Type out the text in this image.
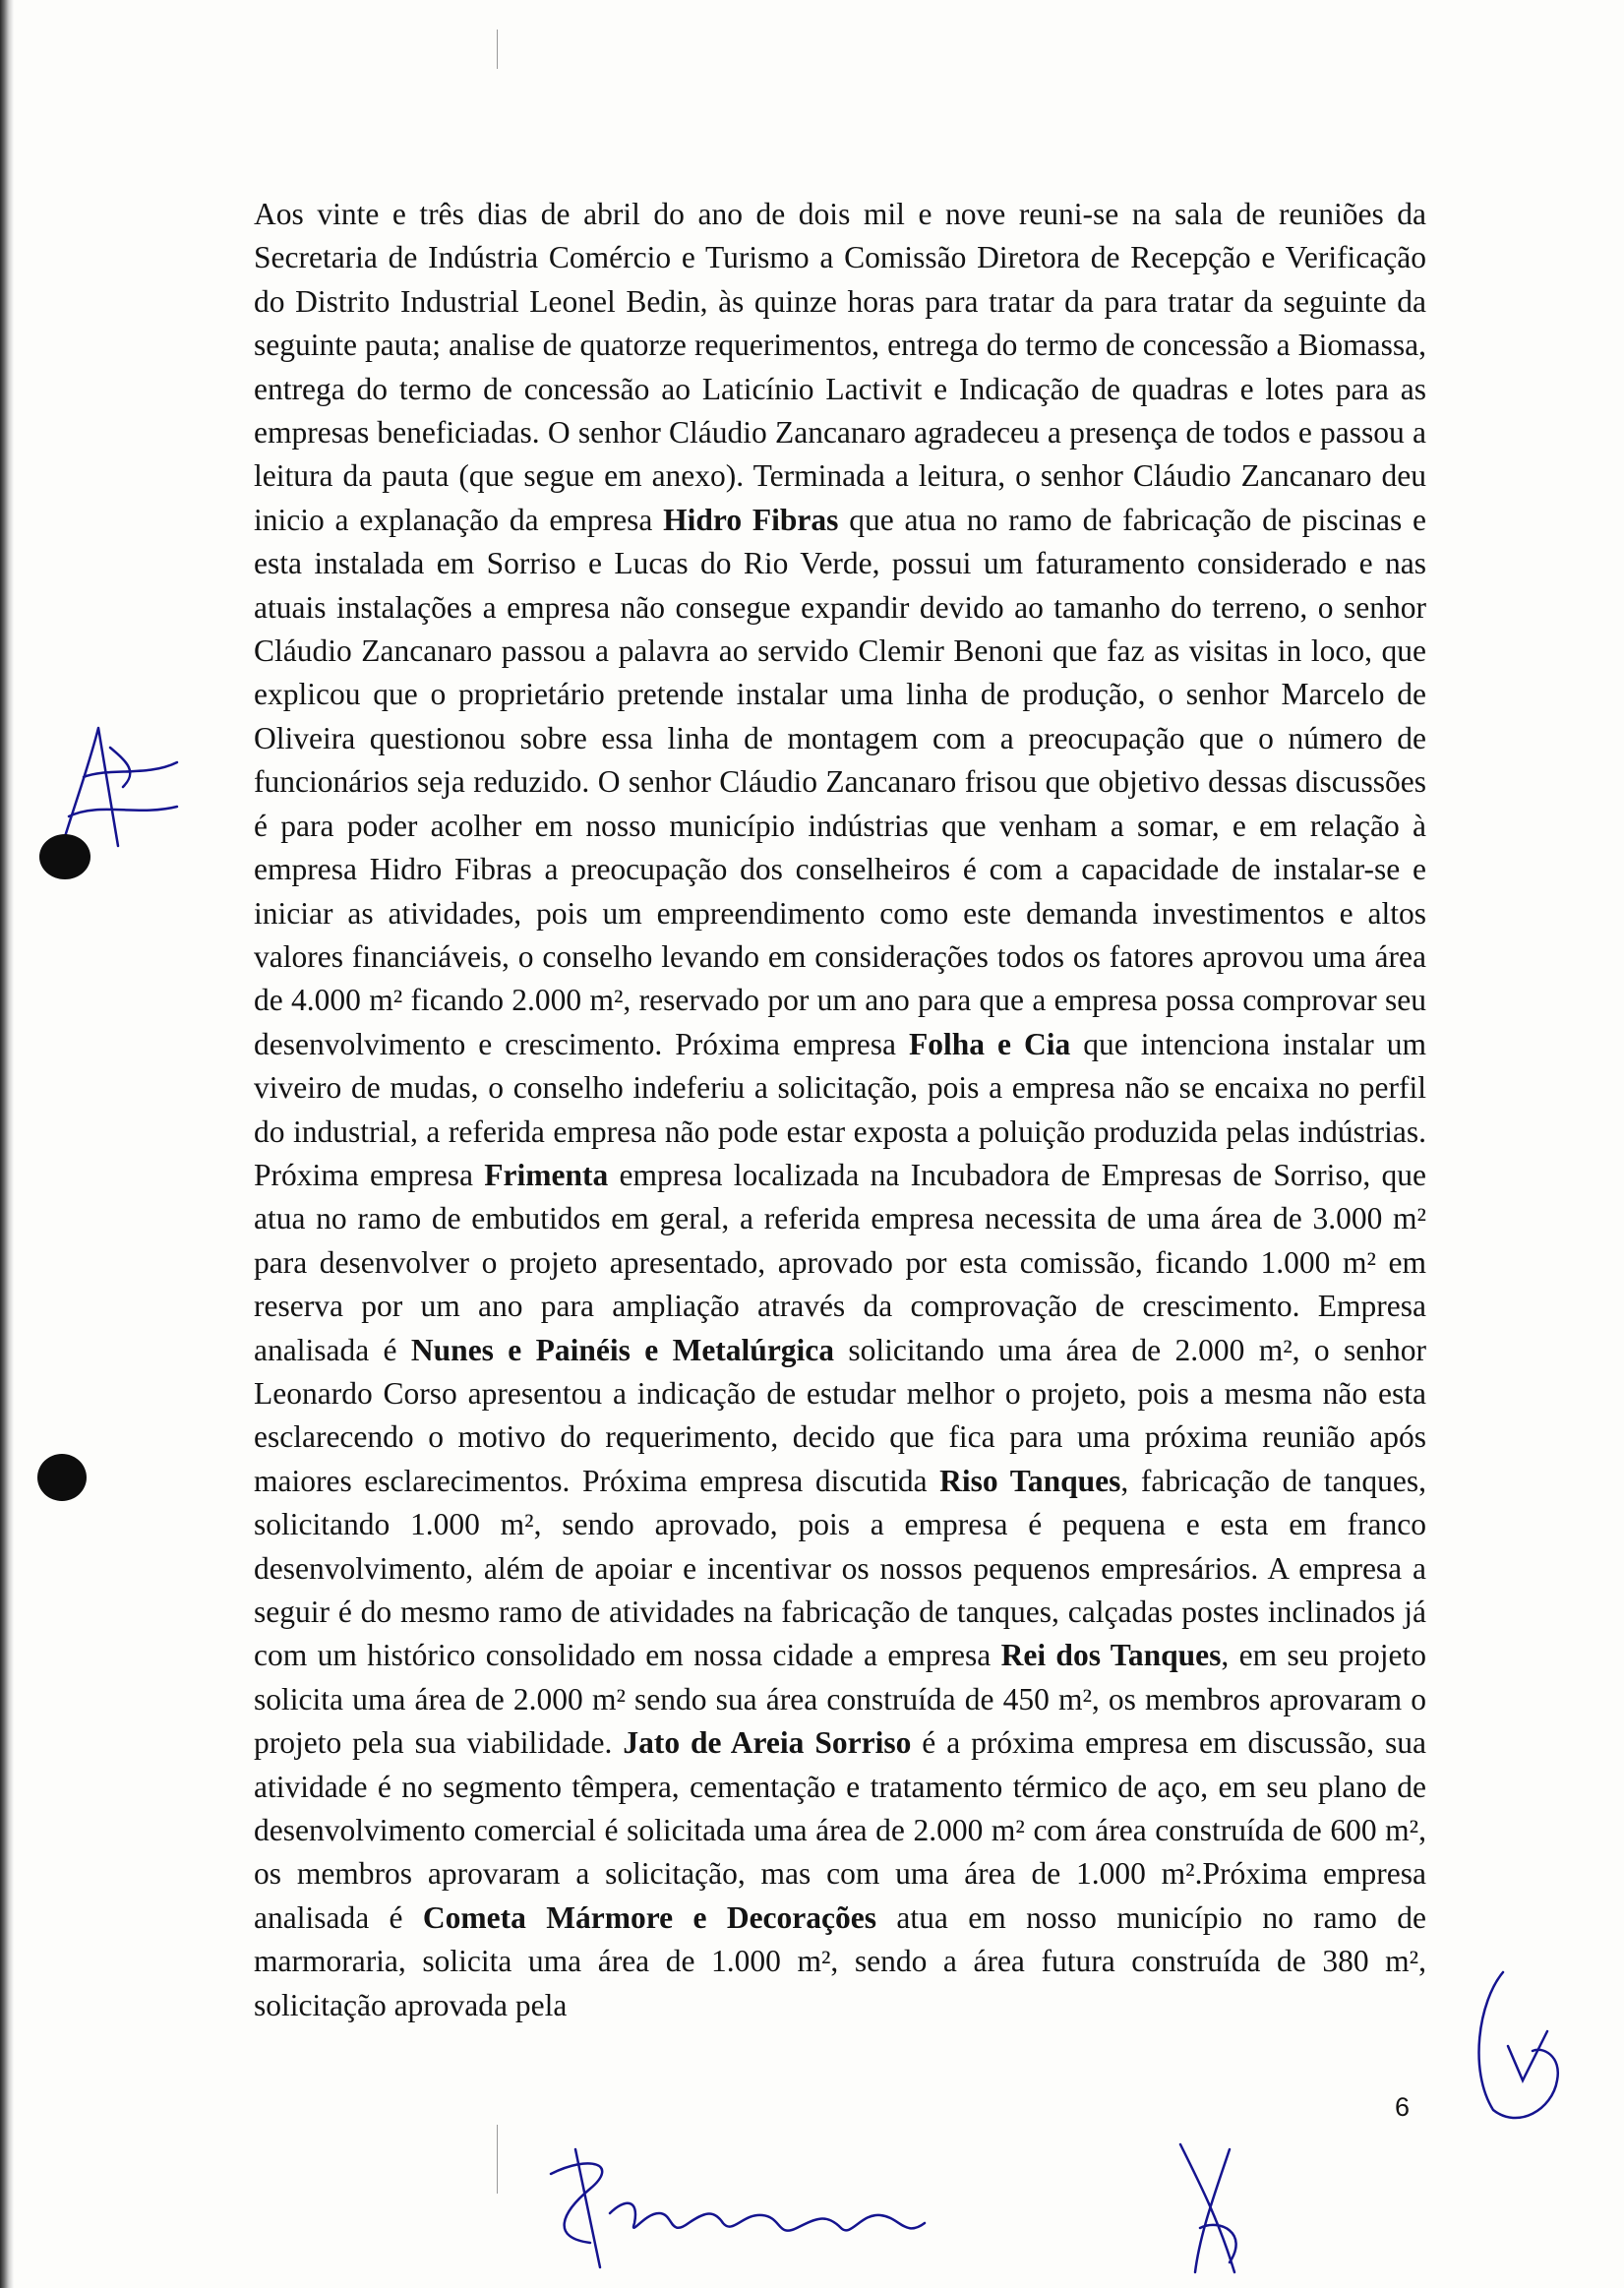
Aos vinte e três dias de abril do ano de dois mil e nove reuni-se na sala de reuniões da Secretaria de Indústria Comércio e Turismo a Comissão Diretora de Recepção e Verificação do Distrito Industrial Leonel Bedin, às quinze horas para tratar da para tratar da seguinte da seguinte pauta; analise de quatorze requerimentos, entrega do termo de concessão a Biomassa, entrega do termo de concessão ao Laticínio Lactivit e Indicação de quadras e lotes para as empresas beneficiadas. O senhor Cláudio Zancanaro agradeceu a presença de todos e passou a leitura da pauta (que segue em anexo). Terminada a leitura, o senhor Cláudio Zancanaro deu inicio a explanação da empresa Hidro Fibras que atua no ramo de fabricação de piscinas e esta instalada em Sorriso e Lucas do Rio Verde, possui um faturamento considerado e nas atuais instalações a empresa não consegue expandir devido ao tamanho do terreno, o senhor Cláudio Zancanaro passou a palavra ao servido Clemir Benoni que faz as visitas in loco, que explicou que o proprietário pretende instalar uma linha de produção, o senhor Marcelo de Oliveira questionou sobre essa linha de montagem com a preocupação que o número de funcionários seja reduzido. O senhor Cláudio Zancanaro frisou que objetivo dessas discussões é para poder acolher em nosso município indústrias que venham a somar, e em relação à empresa Hidro Fibras a preocupação dos conselheiros é com a capacidade de instalar-se e iniciar as atividades, pois um empreendimento como este demanda investimentos e altos valores financiáveis, o conselho levando em considerações todos os fatores aprovou uma área de 4.000 m² ficando 2.000 m², reservado por um ano para que a empresa possa comprovar seu desenvolvimento e crescimento. Próxima empresa Folha e Cia que intenciona instalar um viveiro de mudas, o conselho indeferiu a solicitação, pois a empresa não se encaixa no perfil do industrial, a referida empresa não pode estar exposta a poluição produzida pelas indústrias. Próxima empresa Frimenta empresa localizada na Incubadora de Empresas de Sorriso, que atua no ramo de embutidos em geral, a referida empresa necessita de uma área de 3.000 m² para desenvolver o projeto apresentado, aprovado por esta comissão, ficando 1.000 m² em reserva por um ano para ampliação através da comprovação de crescimento. Empresa analisada é Nunes e Painéis e Metalúrgica solicitando uma área de 2.000 m², o senhor Leonardo Corso apresentou a indicação de estudar melhor o projeto, pois a mesma não esta esclarecendo o motivo do requerimento, decido que fica para uma próxima reunião após maiores esclarecimentos. Próxima empresa discutida Riso Tanques, fabricação de tanques, solicitando 1.000 m², sendo aprovado, pois a empresa é pequena e esta em franco desenvolvimento, além de apoiar e incentivar os nossos pequenos empresários. A empresa a seguir é do mesmo ramo de atividades na fabricação de tanques, calçadas postes inclinados já com um histórico consolidado em nossa cidade a empresa Rei dos Tanques, em seu projeto solicita uma área de 2.000 m² sendo sua área construída de 450 m², os membros aprovaram o projeto pela sua viabilidade. Jato de Areia Sorriso é a próxima empresa em discussão, sua atividade é no segmento têmpera, cementação e tratamento térmico de aço, em seu plano de desenvolvimento comercial é solicitada uma área de 2.000 m² com área construída de 600 m², os membros aprovaram a solicitação, mas com uma área de 1.000 m².Próxima empresa analisada é Cometa Mármore e Decorações atua em nosso município no ramo de marmoraria, solicita uma área de 1.000 m², sendo a área futura construída de 380 m², solicitação aprovada pela
6
